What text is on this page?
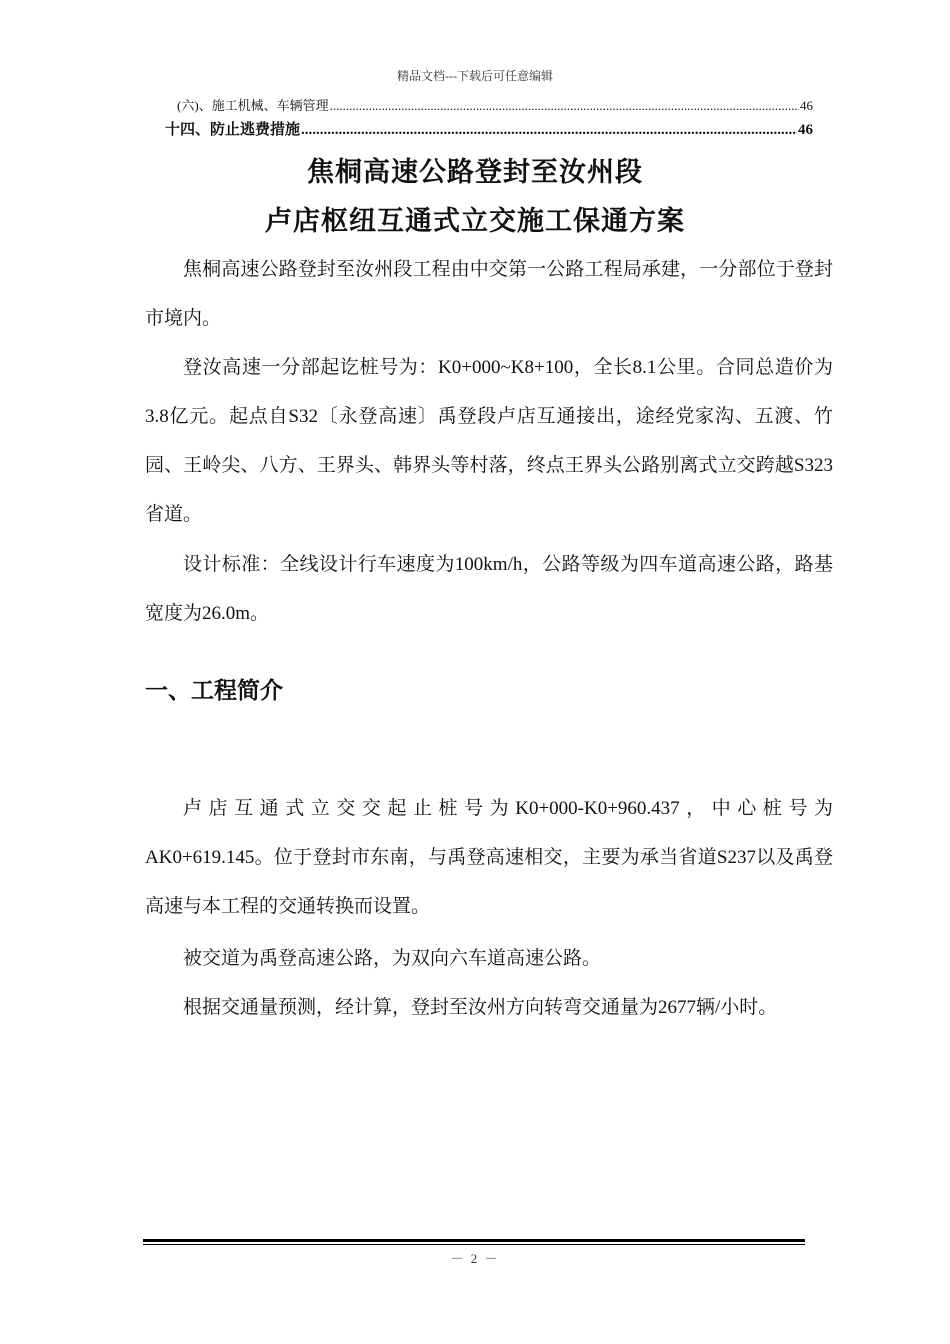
精品文档---下载后可任意编辑
(六)、施工机械、车辆管理 .....	46
十四、防止逃费措施 .....	46
焦桐高速公路登封至汝州段
卢店枢纽互通式立交施工保通方案

焦桐高速公路登封至汝州段工程由中交第一公路工程局承建，一分部位于登封市境内。

登汝高速一分部起讫桩号为：K0+000~K8+100，全长8.1公里。合同总造价为3.8亿元。起点自S32〔永登高速〕禹登段卢店互通接出，途经党家沟、五渡、竹园、王岭尖、八方、王界头、韩界头等村落，终点王界头公路别离式立交跨越S323省道。

设计标准：全线设计行车速度为100km/h，公路等级为四车道高速公路，路基宽度为26.0m。

一、工程简介

卢店互通式立交交起止桩号为K0+000-K0+960.437，中心桩号为AK0+619.145。位于登封市东南，与禹登高速相交，主要为承当省道S237以及禹登高速与本工程的交通转换而设置。

被交道为禹登高速公路，为双向六车道高速公路。

根据交通量预测，经计算，登封至汝州方向转弯交通量为2677辆/小时。

－ 2 －
